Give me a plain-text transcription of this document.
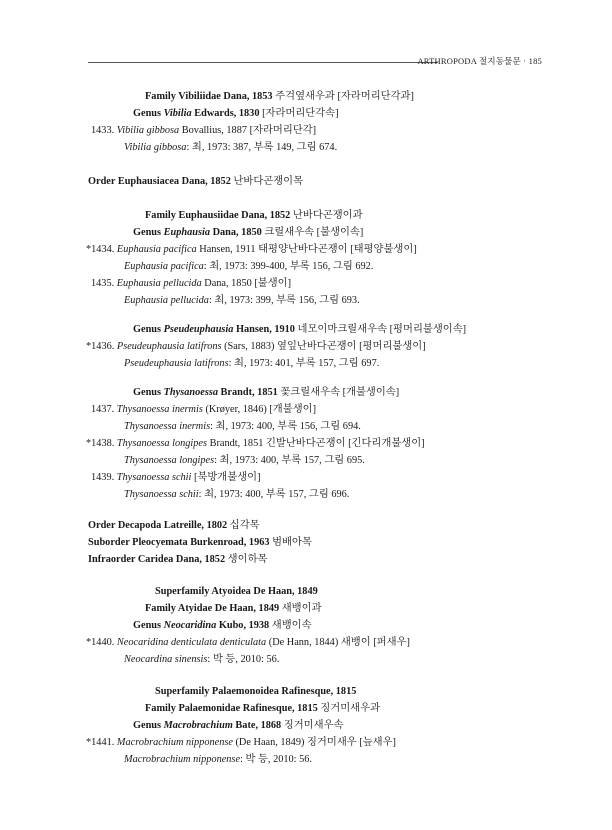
ARTHROPODA 절지동물문 · 185
Family Vibiliidae Dana, 1853 주걱옆새우과 [자라머리단각과]
Genus Vibilia Edwards, 1830 [자라머리단각속]
1433. Vibilia gibbosa Bovallius, 1887 [자라머리단각]
Vibilia gibbosa: 최, 1973: 387, 부록 149, 그림 674.
Order Euphausiacea Dana, 1852 난바다곤쟁이목
Family Euphausiidae Dana, 1852 난바다곤쟁이과
Genus Euphausia Dana, 1850 크릴새우속 [불생이속]
*1434. Euphausia pacifica Hansen, 1911 태평양난바다곤쟁이 [태평양불생이]
Euphausia pacifica: 최, 1973: 399-400, 부록 156, 그림 692.
1435. Euphausia pellucida Dana, 1850 [불생이]
Euphausia pellucida: 최, 1973: 399, 부록 156, 그림 693.
Genus Pseudeuphausia Hansen, 1910 네모이마크릴새우속 [평머리불생이속]
*1436. Pseudeuphausia latifrons (Sars, 1883) 옆잎난바다곤쟁이 [평머리불생이]
Pseudeuphausia latifrons: 최, 1973: 401, 부록 157, 그림 697.
Genus Thysanoessa Brandt, 1851 꽃크릴새우속 [개불생이속]
1437. Thysanoessa inermis (Krøyer, 1846) [개불생이]
Thysanoessa inermis: 최, 1973: 400, 부록 156, 그림 694.
*1438. Thysanoessa longipes Brandt, 1851 긴발난바다곤쟁이 [긴다리개불생이]
Thysanoessa longipes: 최, 1973: 400, 부록 157, 그림 695.
1439. Thysanoessa schii [북방개불생이]
Thysanoessa schii: 최, 1973: 400, 부록 157, 그림 696.
Order Decapoda Latreille, 1802 십각목
Suborder Pleocyemata Burkenroad, 1963 범배아목
Infraorder Caridea Dana, 1852 생이하목
Superfamily Atyoidea De Haan, 1849
Family Atyidae De Haan, 1849 새뱅이과
Genus Neocaridina Kubo, 1938 새뱅이속
*1440. Neocaridina denticulata denticulata (De Hann, 1844) 새뱅이 [퍼새우]
Neocardina sinensis: 박 등, 2010: 56.
Superfamily Palaemonoidea Rafinesque, 1815
Family Palaemonidae Rafinesque, 1815 징거미새우과
Genus Macrobrachium Bate, 1868 징거미새우속
*1441. Macrobrachium nipponense (De Haan, 1849) 징거미새우 [늪새우]
Macrobrachium nipponense: 박 등, 2010: 56.
